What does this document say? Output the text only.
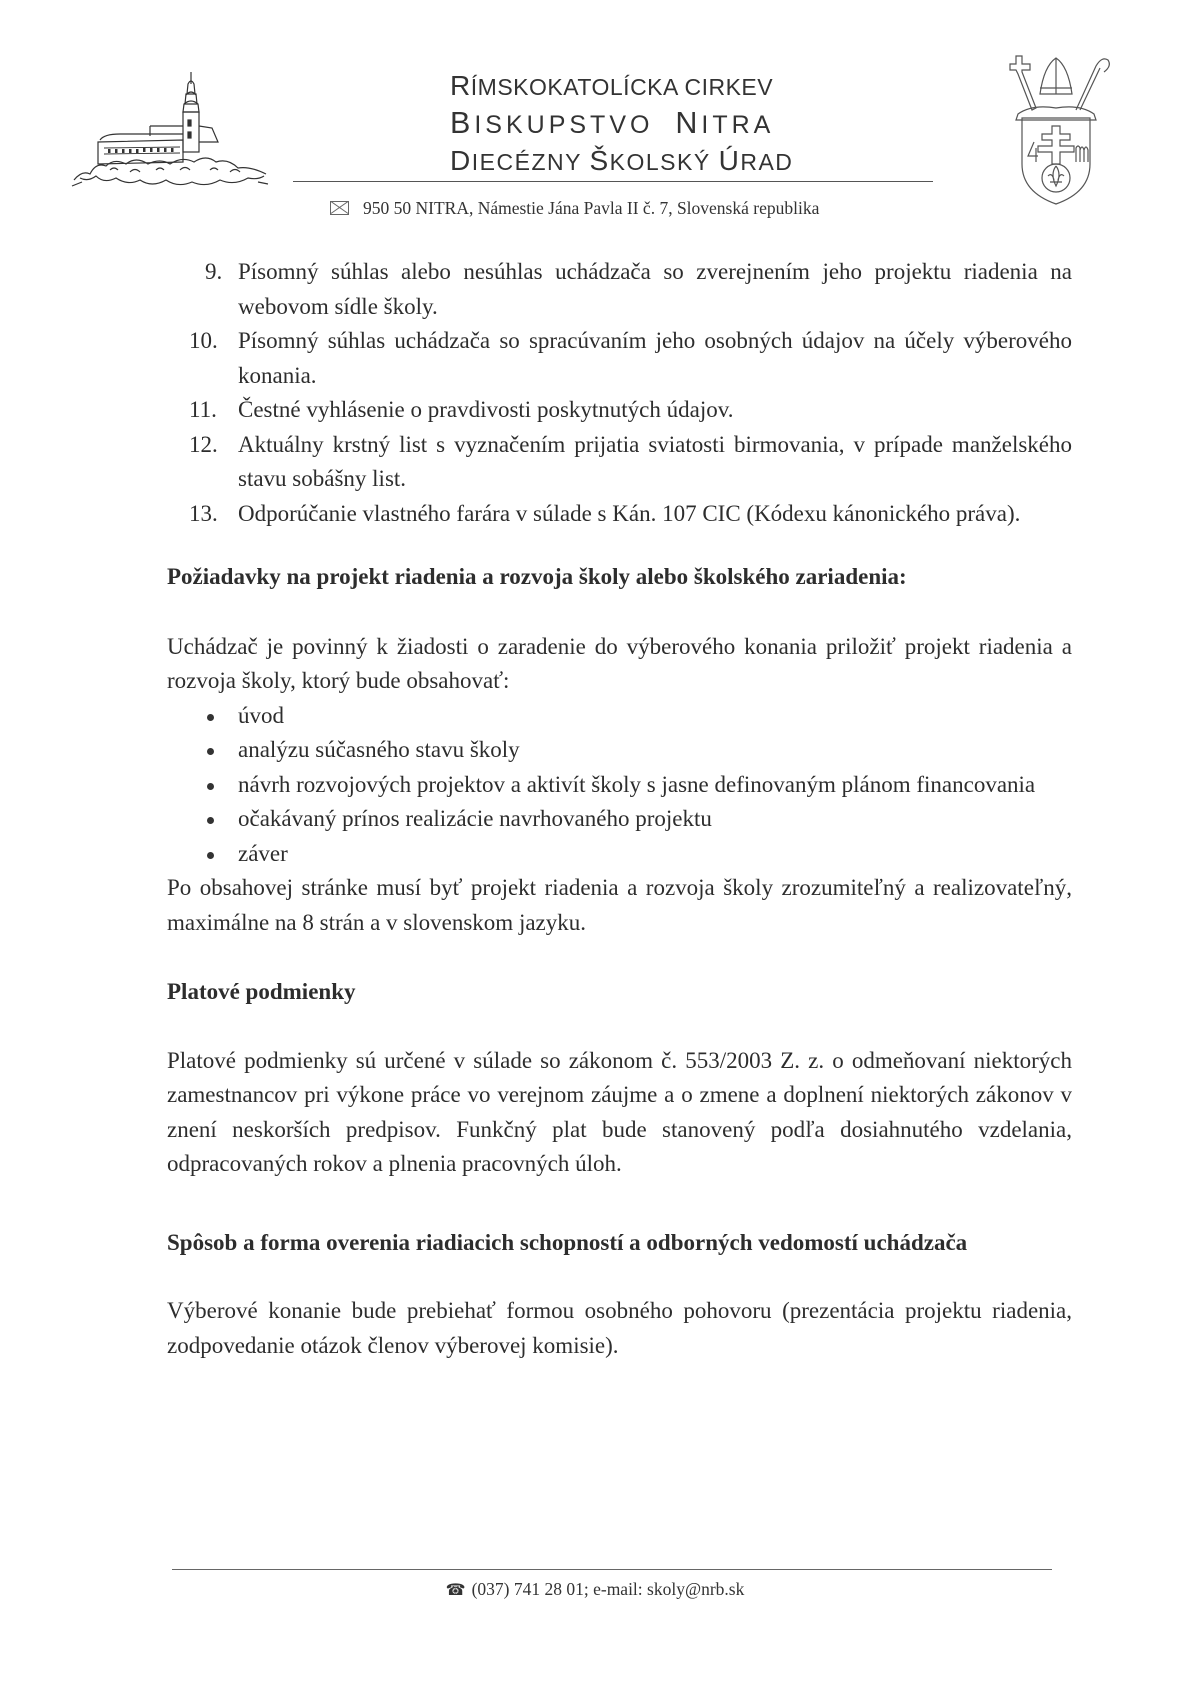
RÍMSKOKATOLÍCKA CIRKEV
BISKUPSTVO NITRA
DIECÉZNY ŠKOLSKÝ ÚRAD
950 50 NITRA, Námestie Jána Pavla II č. 7, Slovenská republika
9. Písomný súhlas alebo nesúhlas uchádzača so zverejnením jeho projektu riadenia na webovom sídle školy.
10. Písomný súhlas uchádzača so spracúvaním jeho osobných údajov na účely výberového konania.
11. Čestné vyhlásenie o pravdivosti poskytnutých údajov.
12. Aktuálny krstný list s vyznačením prijatia sviatosti birmovania, v prípade manželského stavu sobášny list.
13. Odporúčanie vlastného farára v súlade s Kán. 107 CIC (Kódexu kánonického práva).
Požiadavky na projekt riadenia a rozvoja školy alebo školského zariadenia:
Uchádzač je povinný k žiadosti o zaradenie do výberového konania priložiť projekt riadenia a rozvoja školy, ktorý bude obsahovať:
úvod
analýzu súčasného stavu školy
návrh rozvojových projektov a aktivít školy s jasne definovaným plánom financovania
očakávaný prínos realizácie navrhovaného projektu
záver
Po obsahovej stránke musí byť projekt riadenia a rozvoja školy zrozumiteľný a realizovateľný, maximálne na 8 strán a v slovenskom jazyku.
Platové podmienky
Platové podmienky sú určené v súlade so zákonom č. 553/2003 Z. z. o odmeňovaní niektorých zamestnancov pri výkone práce vo verejnom záujme a o zmene a doplnení niektorých zákonov v znení neskorších predpisov. Funkčný plat bude stanovený podľa dosiahnutého vzdelania, odpracovaných rokov a plnenia pracovných úloh.
Spôsob a forma overenia riadiacich schopností a odborných vedomostí uchádzača
Výberové konanie bude prebiehať formou osobného pohovoru (prezentácia projektu riadenia, zodpovedanie otázok členov výberovej komisie).
☎ (037) 741 28 01; e-mail: skoly@nrb.sk
